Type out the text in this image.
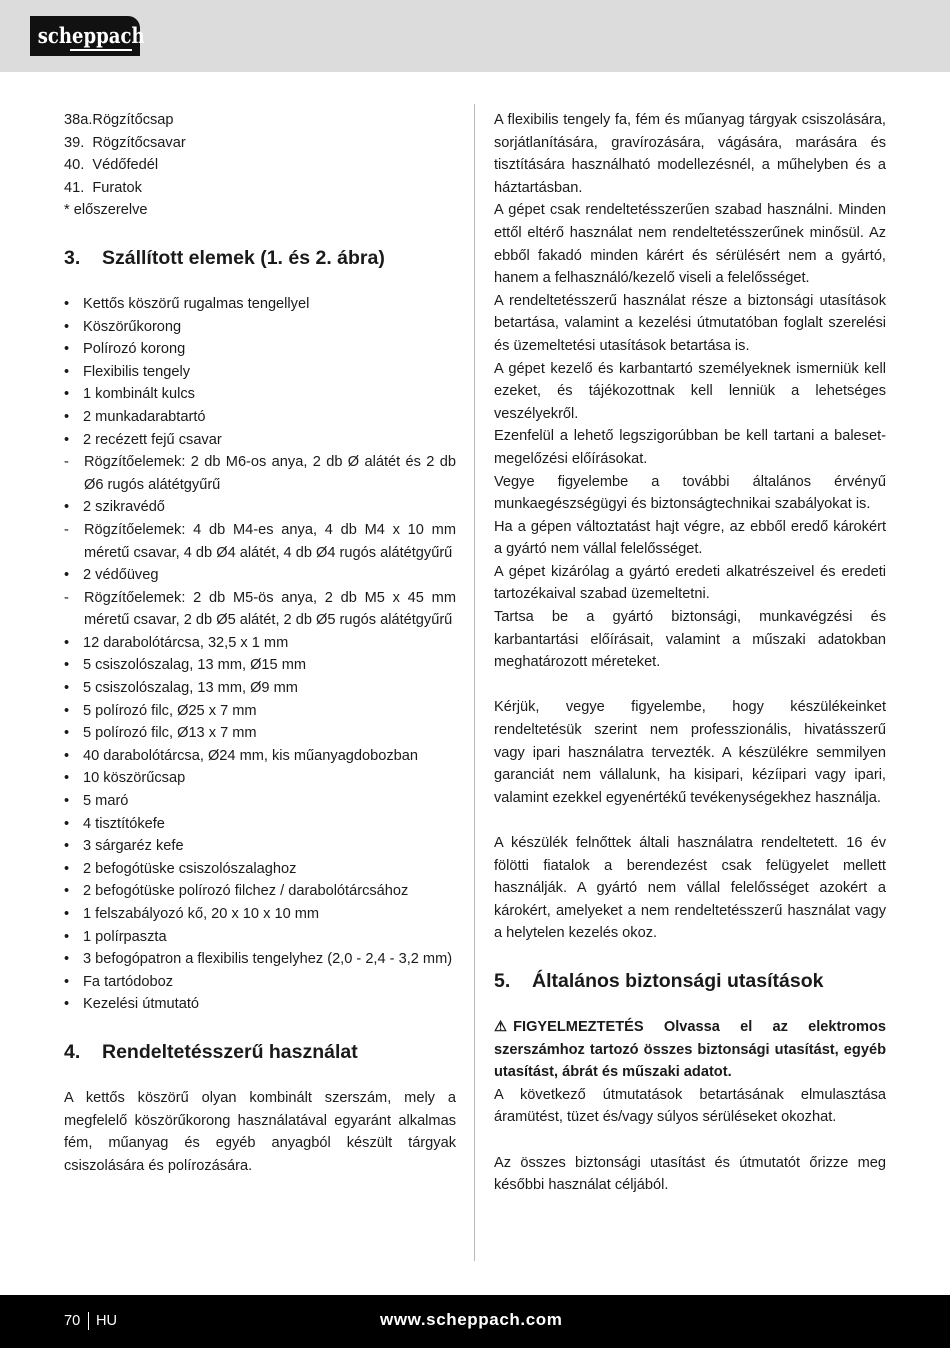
scheppach

38a.Rögzítőcsap

39.  Rögzítőcsavar

40.  Védőfedél

41.  Furatok

* előszerelve

3.	Szállított elemek (1. és 2. ábra)
• Kettős köszörű rugalmas tengellyel
• Köszörűkorong
• Polírozó korong
• Flexibilis tengely
• 1 kombinált kulcs
• 2 munkadarabtartó
• 2 recézett fejű csavar
- Rögzítőelemek: 2 db M6-os anya, 2 db Ø alátét és 2 db Ø6 rugós alátétgyűrű
• 2 szikravédő
- Rögzítőelemek: 4 db M4-es anya, 4 db M4 x 10 mm méretű csavar, 4 db Ø4 alátét, 4 db Ø4 rugós alátétgyűrű
• 2 védőüveg
- Rögzítőelemek: 2 db M5-ös anya, 2 db M5 x 45 mm méretű csavar, 2 db Ø5 alátét, 2 db Ø5 rugós alátétgyűrű
• 12 darabolótárcsa, 32,5 x 1 mm
• 5 csiszolószalag, 13 mm, Ø15 mm
• 5 csiszolószalag, 13 mm, Ø9 mm
• 5 polírozó filc, Ø25 x 7 mm
• 5 polírozó filc, Ø13 x 7 mm
• 40 darabolótárcsa, Ø24 mm, kis műanyagdobozban
• 10 köszörűcsap
• 5 maró
• 4 tisztítókefe
• 3 sárgaréz kefe
• 2 befogótüske csiszolószalaghoz
• 2 befogótüske polírozó filchez / darabolótárcsához
• 1 felszabályozó kő, 20 x 10 x 10 mm
• 1 polírpaszta
• 3 befogópatron a flexibilis tengelyhez (2,0 - 2,4 - 3,2 mm)
• Fa tartódoboz
• Kezelési útmutató
4.	Rendeltetésszerű használat

A kettős köszörű olyan kombinált szerszám, mely a megfelelő köszörűkorong használatával egyaránt alkalmas fém, műanyag és egyéb anyagból készült tárgyak csiszolására és polírozására.

A flexibilis tengely fa, fém és műanyag tárgyak csiszolására, sorjátlanítására, gravírozására, vágására, marására és tisztítására használható modellezésnél, a műhelyben és a háztartásban.

A gépet csak rendeltetésszerűen szabad használni. Minden ettől eltérő használat nem rendeltetésszerűnek minősül. Az ebből fakadó minden kárért és sérülésért nem a gyártó, hanem a felhasználó/kezelő viseli a felelősséget.

A rendeltetésszerű használat része a biztonsági utasítások betartása, valamint a kezelési útmutatóban foglalt szerelési és üzemeltetési utasítások betartása is.

A gépet kezelő és karbantartó személyeknek ismerniük kell ezeket, és tájékozottnak kell lenniük a lehetséges veszélyekről.

Ezenfelül a lehető legszigorúbban be kell tartani a baleset-megelőzési előírásokat.

Vegye figyelembe a további általános érvényű munkaegészségügyi és biztonságtechnikai szabályokat is.

Ha a gépen változtatást hajt végre, az ebből eredő károkért a gyártó nem vállal felelősséget.

A gépet kizárólag a gyártó eredeti alkatrészeivel és eredeti tartozékaival szabad üzemeltetni.

Tartsa be a gyártó biztonsági, munkavégzési és karbantartási előírásait, valamint a műszaki adatokban meghatározott méreteket.

Kérjük, vegye figyelembe, hogy készülékeinket rendeltetésük szerint nem professzionális, hivatásszerű vagy ipari használatra tervezték. A készülékre semmilyen garanciát nem vállalunk, ha kisipari, kézíipari vagy ipari, valamint ezekkel egyenértékű tevékenységekhez használja.

A készülék felnőttek általi használatra rendeltetett. 16 év fölötti fiatalok a berendezést csak felügyelet mellett használják. A gyártó nem vállal felelősséget azokért a károkért, amelyeket a nem rendeltetésszerű használat vagy a helytelen kezelés okoz.

5.	Általános biztonsági utasítások

⚠ FIGYELMEZTETÉS Olvassa el az elektromos szerszámhoz tartozó összes biztonsági utasítást, egyéb utasítást, ábrát és műszaki adatot.

A következő útmutatások betartásának elmulasztása áramütést, tüzet és/vagy súlyos sérüléseket okozhat.

Az összes biztonsági utasítást és útmutatót őrizze meg későbbi használat céljából.

70 HU	www.scheppach.com
